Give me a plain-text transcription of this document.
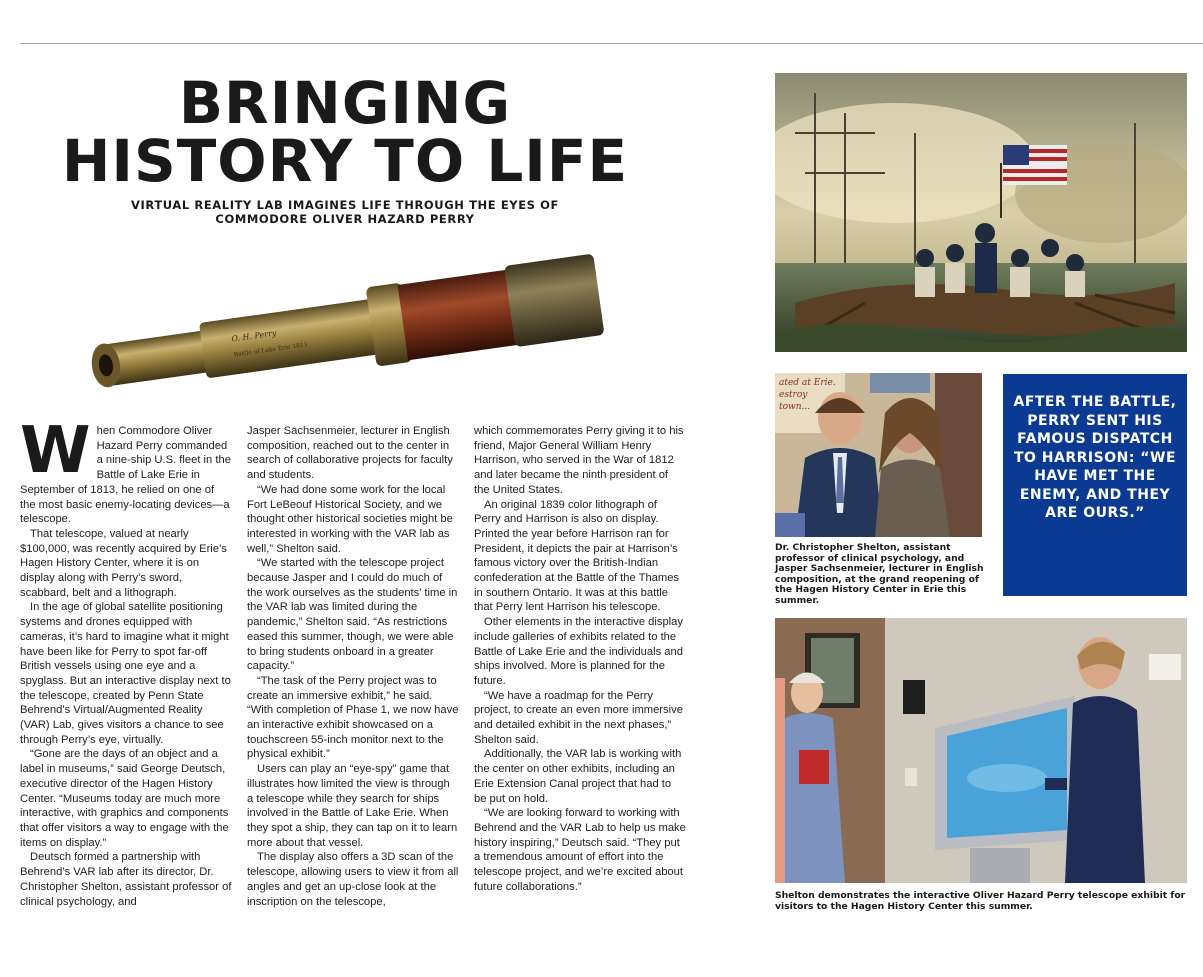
BRINGING
HISTORY TO LIFE
VIRTUAL REALITY LAB IMAGINES LIFE THROUGH THE EYES OF
COMMODORE OLIVER HAZARD PERRY
O. H. Perry
Battle of Lake Erie 1813
W hen Commodore Oliver Hazard Perry commanded a nine-ship U.S. fleet in the Battle of Lake Erie in September of 1813, he relied on one of the most basic enemy-locating devices—a telescope.

That telescope, valued at nearly $100,000, was recently acquired by Erie’s Hagen History Center, where it is on display along with Perry’s sword, scabbard, belt and a lithograph.

In the age of global satellite positioning systems and drones equipped with cameras, it’s hard to imagine what it might have been like for Perry to spot far-off British vessels using one eye and a spyglass. But an interactive display next to the telescope, created by Penn State Behrend’s Virtual/Augmented Reality (VAR) Lab, gives visitors a chance to see through Perry’s eye, virtually.

“Gone are the days of an object and a label in museums,” said George Deutsch, executive director of the Hagen History Center. “Museums today are much more interactive, with graphics and components that offer visitors a way to engage with the items on display.”

Deutsch formed a partnership with Behrend’s VAR lab after its director, Dr. Christopher Shelton, assistant professor of clinical psychology, and

Jasper Sachsenmeier, lecturer in English composition, reached out to the center in search of collaborative projects for faculty and students.

“We had done some work for the local Fort LeBeouf Historical Society, and we thought other historical societies might be interested in working with the VAR lab as well,” Shelton said.

“We started with the telescope project because Jasper and I could do much of the work ourselves as the students’ time in the VAR lab was limited during the pandemic,” Shelton said. “As restrictions eased this summer, though, we were able to bring students onboard in a greater capacity.”

“The task of the Perry project was to create an immersive exhibit,” he said. “With completion of Phase 1, we now have an interactive exhibit showcased on a touchscreen 55-inch monitor next to the physical exhibit.”

Users can play an “eye-spy” game that illustrates how limited the view is through a telescope while they search for ships involved in the Battle of Lake Erie. When they spot a ship, they can tap on it to learn more about that vessel.

The display also offers a 3D scan of the telescope, allowing users to view it from all angles and get an up-close look at the inscription on the telescope,

which commemorates Perry giving it to his friend, Major General William Henry Harrison, who served in the War of 1812 and later became the ninth president of the United States.

An original 1839 color lithograph of Perry and Harrison is also on display. Printed the year before Harrison ran for President, it depicts the pair at Harrison’s famous victory over the British-Indian confederation at the Battle of the Thames in southern Ontario. It was at this battle that Perry lent Harrison his telescope.

Other elements in the interactive display include galleries of exhibits related to the Battle of Lake Erie and the individuals and ships involved. More is planned for the future.

“We have a roadmap for the Perry project, to create an even more immersive and detailed exhibit in the next phases,” Shelton said.

Additionally, the VAR lab is working with the center on other exhibits, including an Erie Extension Canal project that had to be put on hold.

“We are looking forward to working with Behrend and the VAR Lab to help us make history inspiring,” Deutsch said. “They put a tremendous amount of effort into the telescope project, and we’re excited about future collaborations.”

ated at Erie.
estroy
town...

Dr. Christopher Shelton, assistant professor of clinical psychology, and Jasper Sachsenmeier, lecturer in English composition, at the grand reopening of the Hagen History Center in Erie this summer.

AFTER THE BATTLE, PERRY SENT HIS FAMOUS DISPATCH TO HARRISON: “WE HAVE MET THE ENEMY, AND THEY ARE OURS.”

Shelton demonstrates the interactive Oliver Hazard Perry telescope exhibit for visitors to the Hagen History Center this summer.
